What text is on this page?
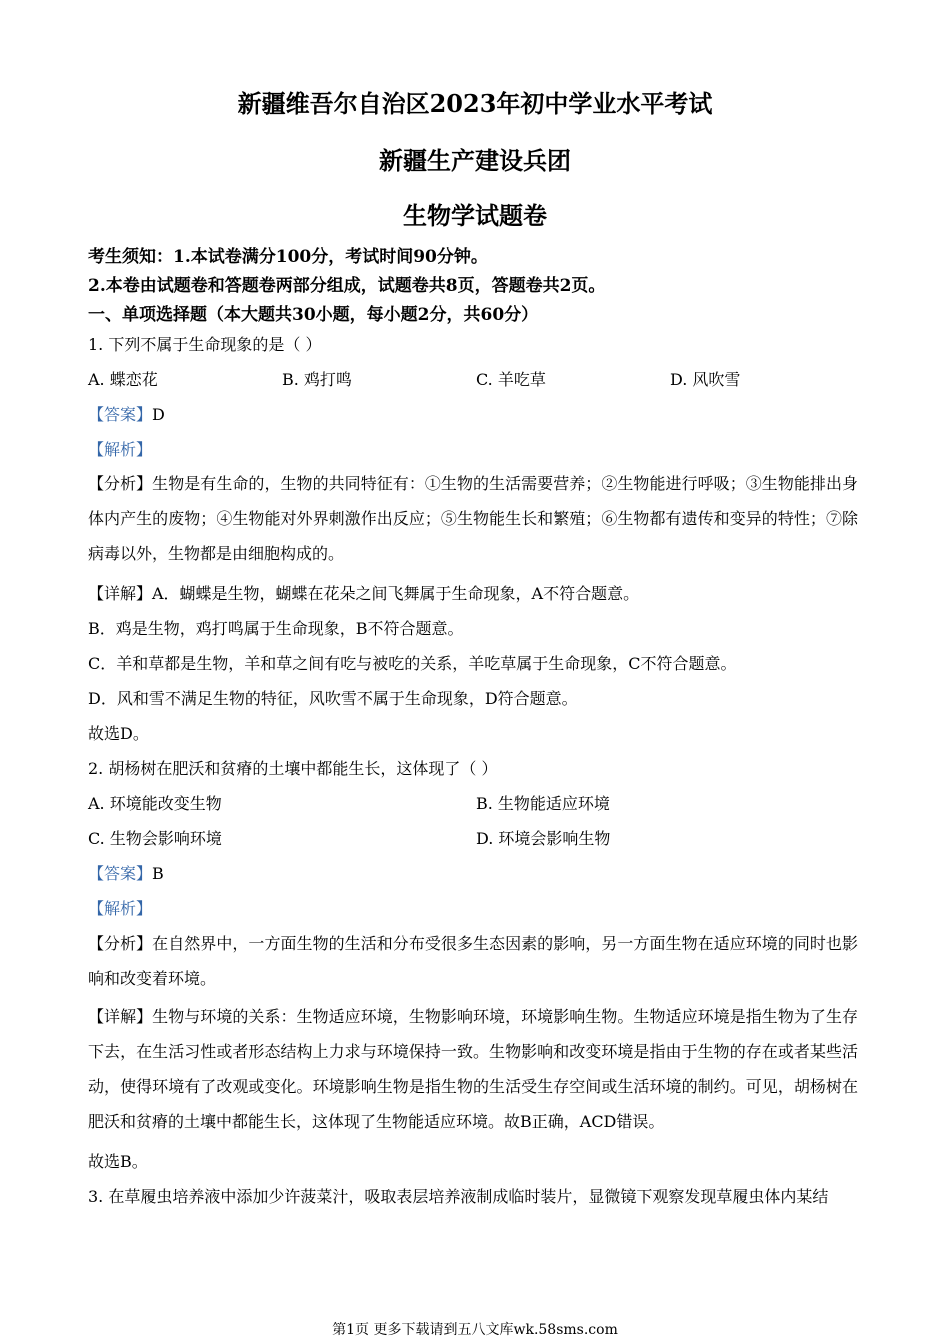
新疆维吾尔自治区2023年初中学业水平考试
新疆生产建设兵团
生物学试题卷
考生须知：1.本试卷满分100分，考试时间90分钟。
2.本卷由试题卷和答题卷两部分组成，试题卷共8页，答题卷共2页。
一、单项选择题（本大题共30小题，每小题2分，共60分）
1. 下列不属于生命现象的是（ ）
A. 蝶恋花	B. 鸡打鸣	C. 羊吃草	D. 风吹雪
【答案】D
【解析】
【分析】生物是有生命的，生物的共同特征有：①生物的生活需要营养；②生物能进行呼吸；③生物能排出身体内产生的废物；④生物能对外界刺激作出反应；⑤生物能生长和繁殖；⑥生物都有遗传和变异的特性；⑦除病毒以外，生物都是由细胞构成的。
【详解】A．蝴蝶是生物，蝴蝶在花朵之间飞舞属于生命现象，A不符合题意。
B．鸡是生物，鸡打鸣属于生命现象，B不符合题意。
C．羊和草都是生物，羊和草之间有吃与被吃的关系，羊吃草属于生命现象，C不符合题意。
D．风和雪不满足生物的特征，风吹雪不属于生命现象，D符合题意。
故选D。
2. 胡杨树在肥沃和贫瘠的土壤中都能生长，这体现了（ ）
A. 环境能改变生物	B. 生物能适应环境
C. 生物会影响环境	D. 环境会影响生物
【答案】B
【解析】
【分析】在自然界中，一方面生物的生活和分布受很多生态因素的影响，另一方面生物在适应环境的同时也影响和改变着环境。
【详解】生物与环境的关系：生物适应环境，生物影响环境，环境影响生物。生物适应环境是指生物为了生存下去，在生活习性或者形态结构上力求与环境保持一致。生物影响和改变环境是指由于生物的存在或者某些活动，使得环境有了改观或变化。环境影响生物是指生物的生活受生存空间或生活环境的制约。可见，胡杨树在肥沃和贫瘠的土壤中都能生长，这体现了生物能适应环境。故B正确，ACD错误。
故选B。
3. 在草履虫培养液中添加少许菠菜汁，吸取表层培养液制成临时装片，显微镜下观察发现草履虫体内某结
第1页 更多下载请到五八文库wk.58sms.com
